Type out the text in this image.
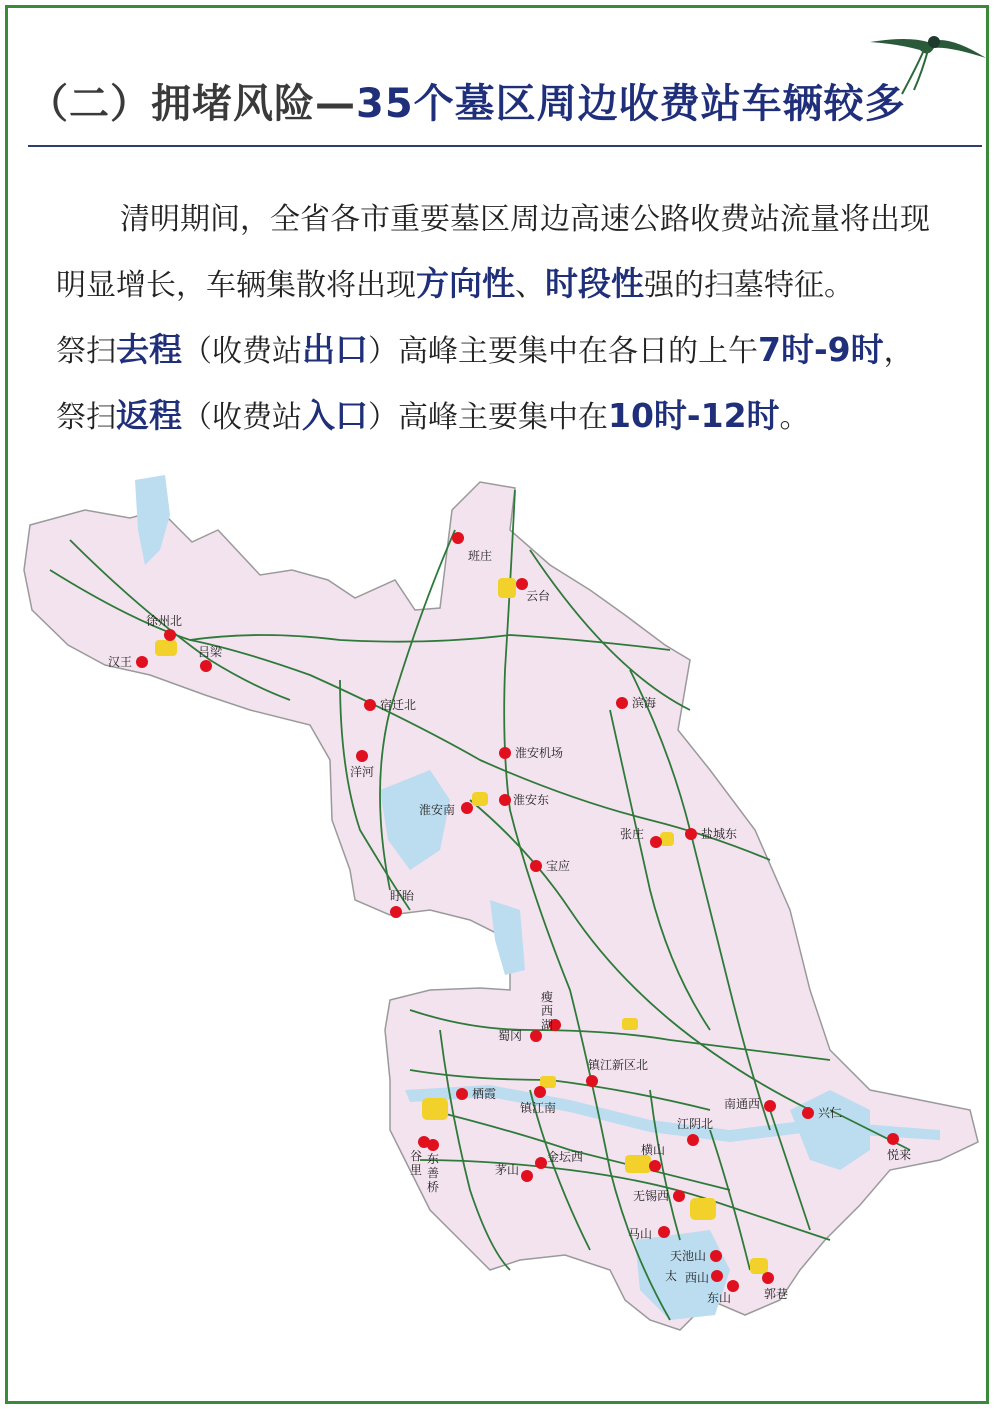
（二）拥堵风险—35个墓区周边收费站车辆较多

清明期间，全省各市重要墓区周边高速公路收费站流量将出现明显增长，车辆集散将出现方向性、时段性强的扫墓特征。

祭扫去程（收费站出口）高峰主要集中在各日的上午7时-9时，

祭扫返程（收费站入口）高峰主要集中在10时-12时。

太
班庄
云台
徐州北
汉王
吕梁
宿迁北	滨海
淮安机场
洋河
淮安东
淮安南
张庄	盐城东
宝应
盱眙
瘦
西
湖
蜀冈
镇江新区北
栖霞
镇江南	南通西
兴仁
江阴北
谷
里
东
善
桥
悦来
横山
金坛西
茅山
无锡西
马山
天池山
西山
东山	郭巷
